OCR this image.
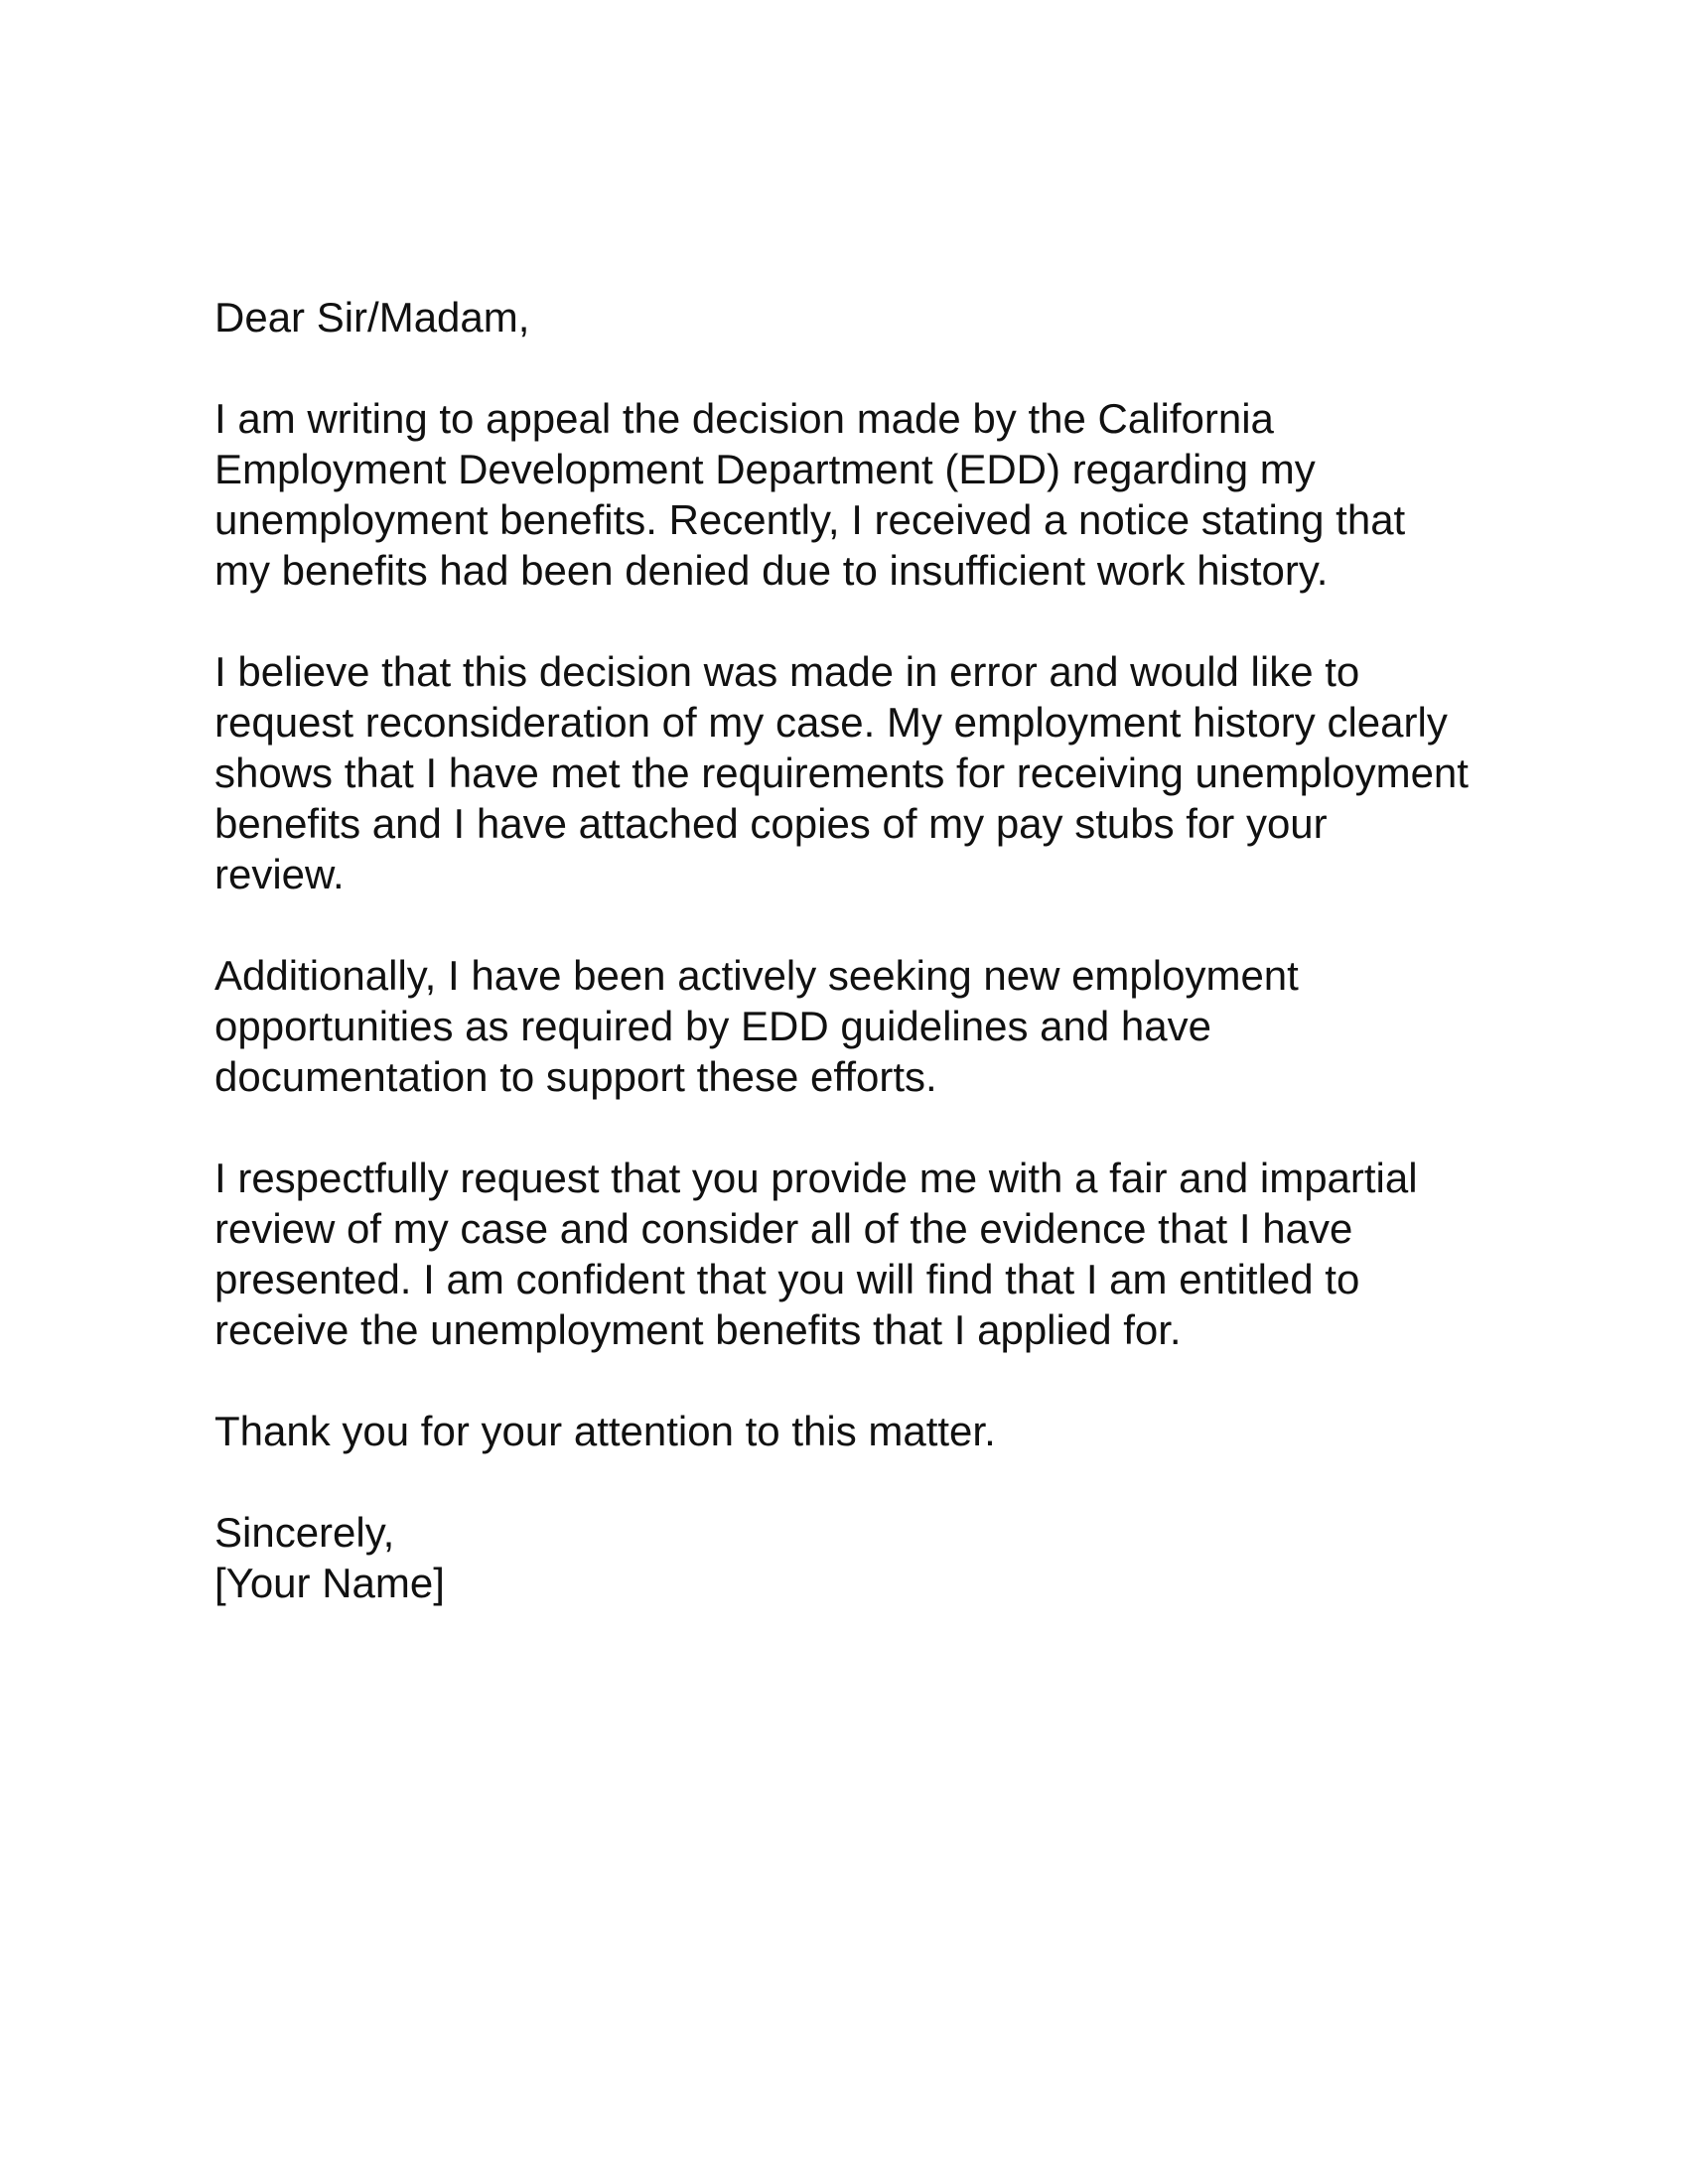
Dear Sir/Madam,

I am writing to appeal the decision made by the California
Employment Development Department (EDD) regarding my
unemployment benefits. Recently, I received a notice stating that
my benefits had been denied due to insufficient work history.

I believe that this decision was made in error and would like to
request reconsideration of my case. My employment history clearly
shows that I have met the requirements for receiving unemployment
benefits and I have attached copies of my pay stubs for your
review.

Additionally, I have been actively seeking new employment
opportunities as required by EDD guidelines and have
documentation to support these efforts.

I respectfully request that you provide me with a fair and impartial
review of my case and consider all of the evidence that I have
presented. I am confident that you will find that I am entitled to
receive the unemployment benefits that I applied for.

Thank you for your attention to this matter.

Sincerely,
[Your Name]
